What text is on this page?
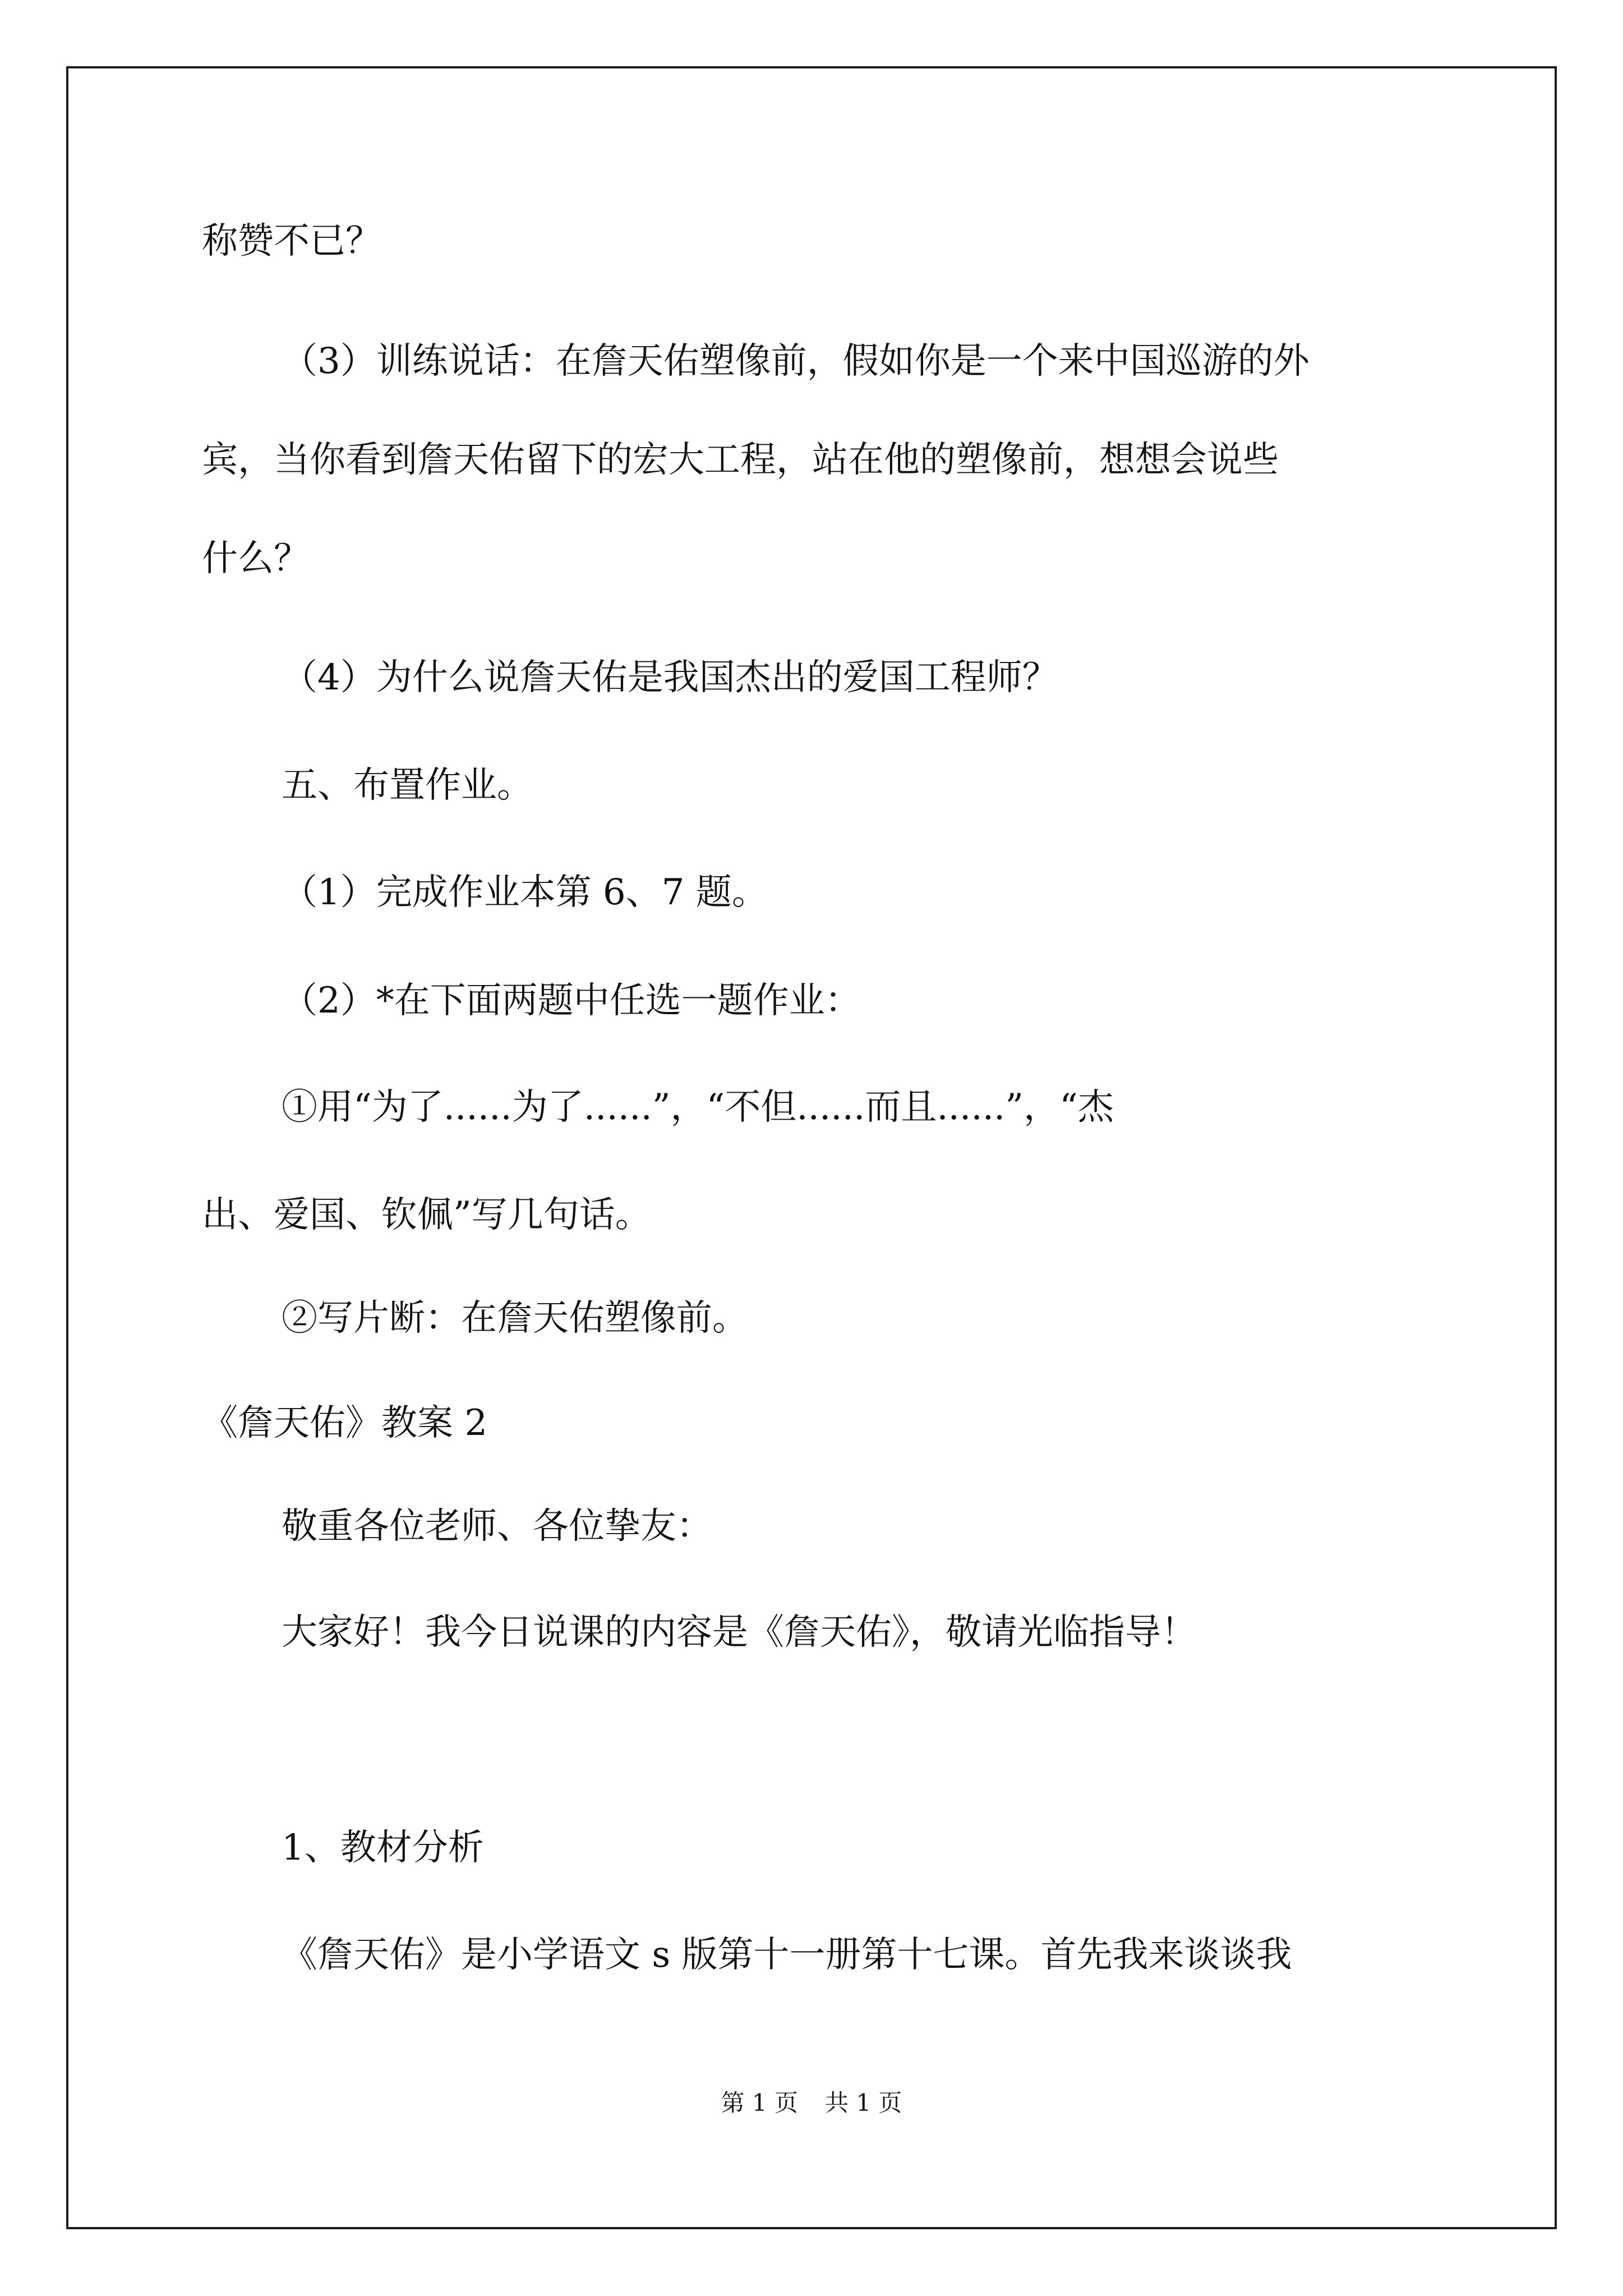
称赞不已？

（3）训练说话：在詹天佑塑像前，假如你是一个来中国巡游的外

宾，当你看到詹天佑留下的宏大工程，站在他的塑像前，想想会说些
什么？

（4）为什么说詹天佑是我国杰出的爱国工程师？

五、布置作业。

（1）完成作业本第 6、7 题。

（2）*在下面两题中任选一题作业：

①用“为了......为了......”，“不但......而且......”，“杰

出、爱国、钦佩”写几句话。

②写片断：在詹天佑塑像前。

《詹天佑》教案 2

敬重各位老师、各位挚友：

大家好！我今日说课的内容是《詹天佑》，敬请光临指导！

1、教材分析

《詹天佑》是小学语文 s 版第十一册第十七课。首先我来谈谈我

第 1 页 共 1 页
